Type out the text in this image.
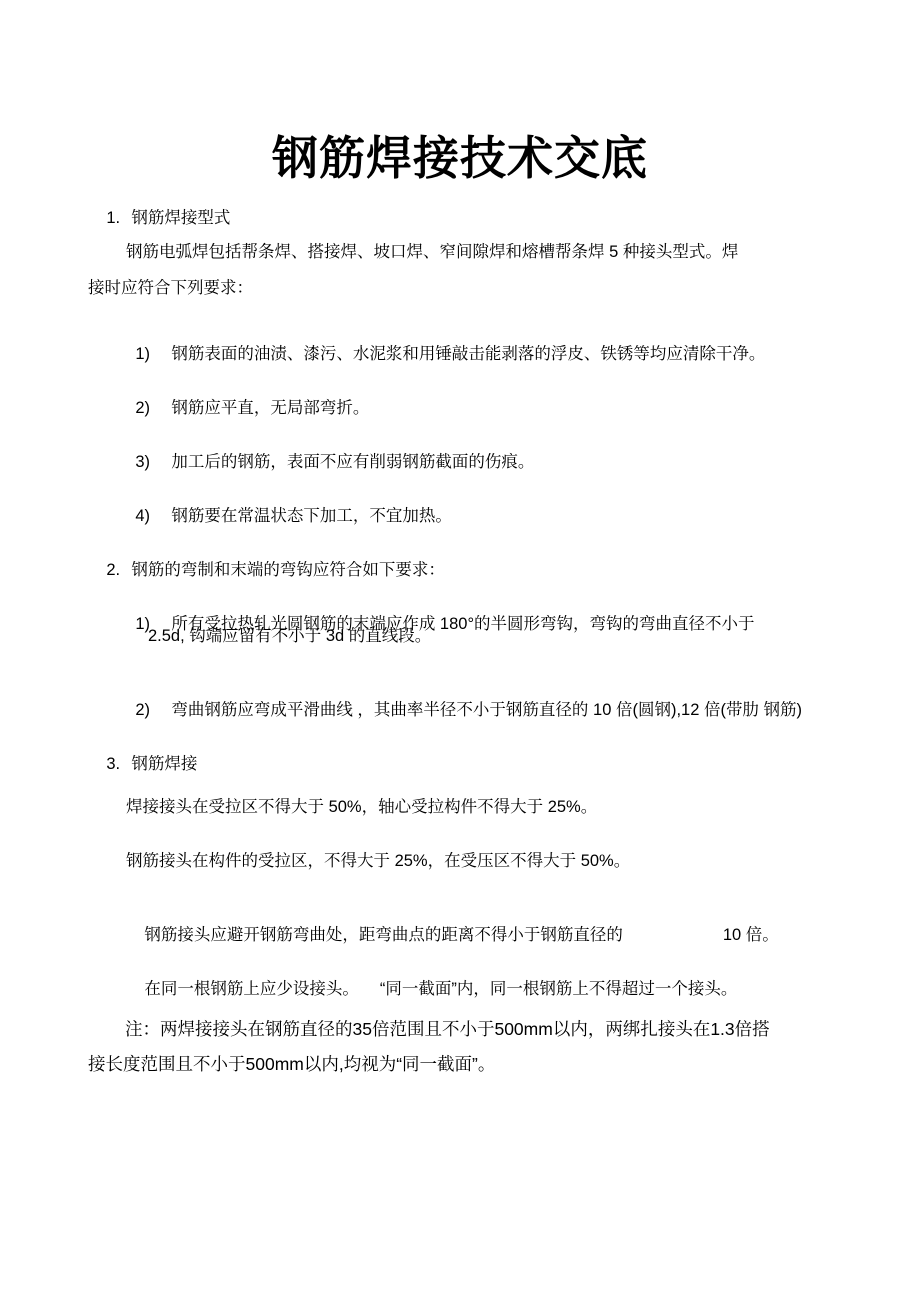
钢筋焊接技术交底

1. 钢筋焊接型式

钢筋电弧焊包括帮条焊、搭接焊、坡口焊、窄间隙焊和熔槽帮条焊 5 种接头型式。焊
接时应符合下列要求：

1) 钢筋表面的油渍、漆污、水泥浆和用锤敲击能剥落的浮皮、铁锈等均应清除干净。

2) 钢筋应平直，无局部弯折。

3) 加工后的钢筋，表面不应有削弱钢筋截面的伤痕。

4) 钢筋要在常温状态下加工，不宜加热。

2. 钢筋的弯制和末端的弯钩应符合如下要求：

1) 所有受拉热轧光圆钢筋的末端应作成 180°的半圆形弯钩，弯钩的弯曲直径不小于

2.5d, 钩端应留有不小于 3d 的直线段。

2) 弯曲钢筋应弯成平滑曲线 ，其曲率半径不小于钢筋直径的 10 倍(圆钢),12 倍(带肋 钢筋)

3. 钢筋焊接

焊接接头在受拉区不得大于 50%，轴心受拉构件不得大于 25%。
钢筋接头在构件的受拉区，不得大于 25%，在受压区不得大于 50%。

钢筋接头应避开钢筋弯曲处，距弯曲点的距离不得小于钢筋直径的	10 倍。

在同一根钢筋上应少设接头。 “同一截面”内，同一根钢筋上不得超过一个接头。

注：两焊接接头在钢筋直径的35倍范围且不小于500mm以内，两绑扎接头在1.3倍搭
接长度范围且不小于500mm以内,均视为“同一截面”。
